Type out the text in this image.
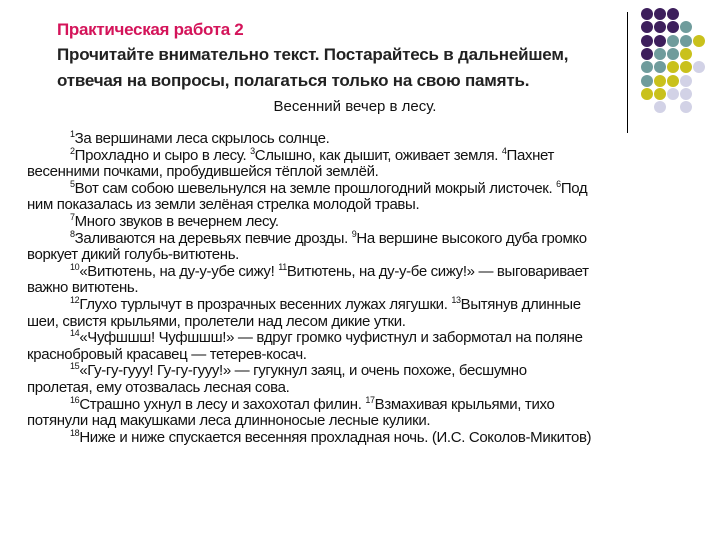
Практическая работа 2
Прочитайте внимательно текст. Постарайтесь в дальнейшем,
отвечая на вопросы, полагаться только на свою память.
Весенний вечер в лесу.
$^1$За вершинами леса скрылось солнце.
$^2$Прохладно и сыро в лесу. $^3$Слышно, как дышит, оживает земля. $^4$Пахнет
весенними почками, пробудившейся тёплой землёй.
$^5$Вот сам собою шевельнулся на земле прошлогодний мокрый листочек. $^6$Под
ним показалась из земли зелёная стрелка молодой травы.
$^7$Много звуков в вечернем лесу.
$^8$Заливаются на деревьях певчие дрозды. $^9$На вершине высокого дуба громко
воркует дикий голубь-витютень.
$^{10}$«Витютень, на ду-у-убе сижу! $^{11}$Витютень, на ду-у-бе сижу!» — выговаривает
важно витютень.
$^{12}$Глухо турлычут в прозрачных весенних лужах лягушки. $^{13}$Вытянув длинные
шеи, свистя крыльями, пролетели над лесом дикие утки.
$^{14}$«Чуфшшш! Чуфшшш!» — вдруг громко чуфистнул и забормотал на поляне
краснобровый красавец — тетерев-косач.
$^{15}$«Гу-гу-гууу! Гу-гу-гууу!» — гугукнул заяц, и очень похоже, бесшумно
пролетая, ему отозвалась лесная сова.
$^{16}$Страшно ухнул в лесу и захохотал филин. $^{17}$Взмахивая крыльями, тихо
потянули над макушками леса длинноносые лесные кулики.
$^{18}$Ниже и ниже спускается весенняя прохладная ночь. (И.С. Соколов-Микитов)
